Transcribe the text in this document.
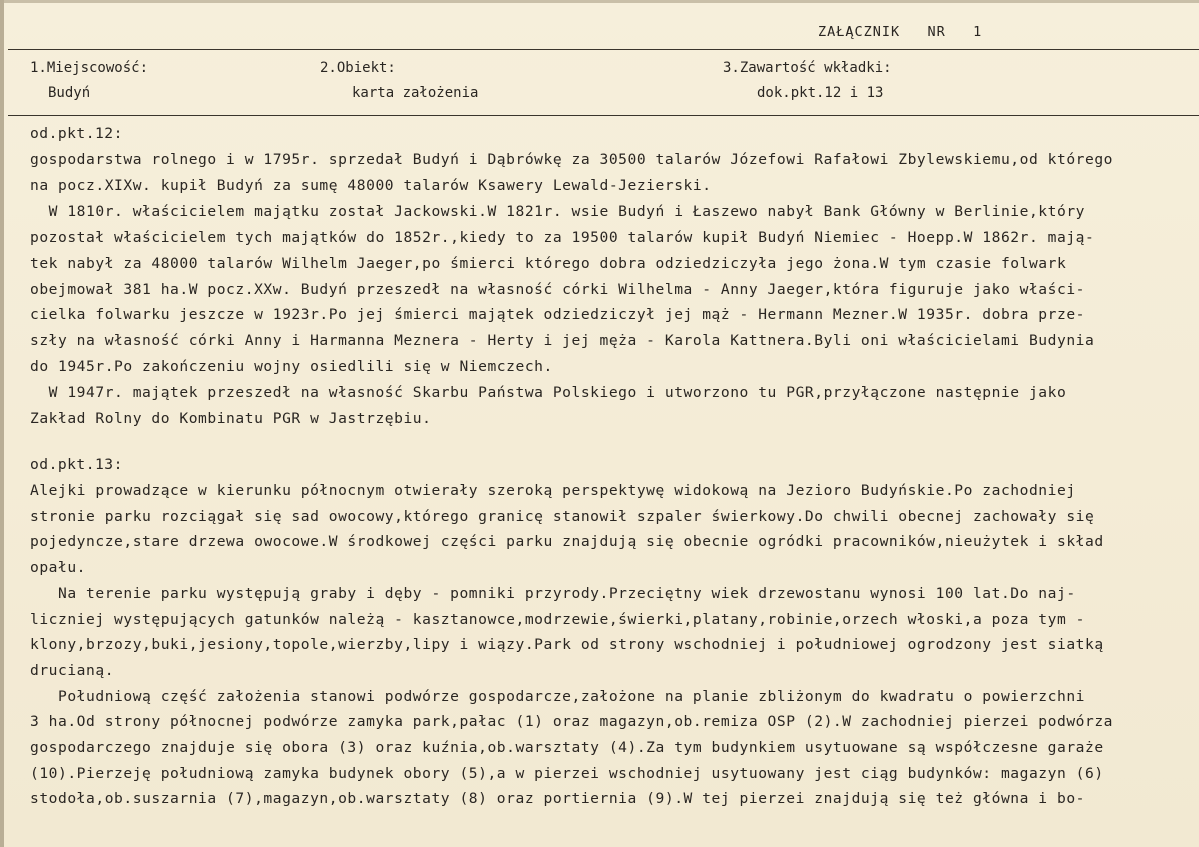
ZAŁĄCZNIK   NR   1
1.Miejscowość:
Budyń
2.Obiekt:
karta założenia
3.Zawartość wkładki:
dok.pkt.12 i 13
od.pkt.12:
gospodarstwa rolnego i w 1795r. sprzedał Budyń i Dąbrówkę za 30500 talarów Józefowi Rafałowi Zbylewskiemu,od którego
na pocz.XIXw. kupił Budyń za sumę 48000 talarów Ksawery Lewald-Jezierski.
W 1810r. właścicielem majątku został Jackowski.W 1821r. wsie Budyń i Łaszewo nabył Bank Główny w Berlinie,który
pozostał właścicielem tych majątków do 1852r.,kiedy to za 19500 talarów kupił Budyń Niemiec - Hoepp.W 1862r. mają-
tek nabył za 48000 talarów Wilhelm Jaeger,po śmierci którego dobra odziedziczyła jego żona.W tym czasie folwark
obejmował 381 ha.W pocz.XXw. Budyń przeszedł na własność córki Wilhelma - Anny Jaeger,która figuruje jako właści-
cielka folwarku jeszcze w 1923r.Po jej śmierci majątek odziedziczył jej mąż - Hermann Mezner.W 1935r. dobra prze-
szły na własność córki Anny i Harmanna Meznera - Herty i jej męża - Karola Kattnera.Byli oni właścicielami Budynia
do 1945r.Po zakończeniu wojny osiedlili się w Niemczech.
W 1947r. majątek przeszedł na własność Skarbu Państwa Polskiego i utworzono tu PGR,przyłączone następnie jako
Zakład Rolny do Kombinatu PGR w Jastrzębiu.
od.pkt.13:
Alejki prowadzące w kierunku północnym otwierały szeroką perspektywę widokową na Jezioro Budyńskie.Po zachodniej
stronie parku rozciągał się sad owocowy,którego granicę stanowił szpaler świerkowy.Do chwili obecnej zachowały się
pojedyncze,stare drzewa owocowe.W środkowej części parku znajdują się obecnie ogródki pracowników,nieużytek i skład
opału.
Na terenie parku występują graby i dęby - pomniki przyrody.Przeciętny wiek drzewostanu wynosi 100 lat.Do naj-
liczniej występujących gatunków należą - kasztanowce,modrzewie,świerki,platany,robinie,orzech włoski,a poza tym -
klony,brzozy,buki,jesiony,topole,wierzby,lipy i wiązy.Park od strony wschodniej i południowej ogrodzony jest siatką
drucianą.
Południową część założenia stanowi podwórze gospodarcze,założone na planie zbliżonym do kwadratu o powierzchni
3 ha.Od strony północnej podwórze zamyka park,pałac (1) oraz magazyn,ob.remiza OSP (2).W zachodniej pierzei podwórza
gospodarczego znajduje się obora (3) oraz kuźnia,ob.warsztaty (4).Za tym budynkiem usytuowane są współczesne garaże
(10).Pierzeję południową zamyka budynek obory (5),a w pierzei wschodniej usytuowany jest ciąg budynków: magazyn (6)
stodoła,ob.suszarnia (7),magazyn,ob.warsztaty (8) oraz portiernia (9).W tej pierzei znajdują się też główna i bo-
